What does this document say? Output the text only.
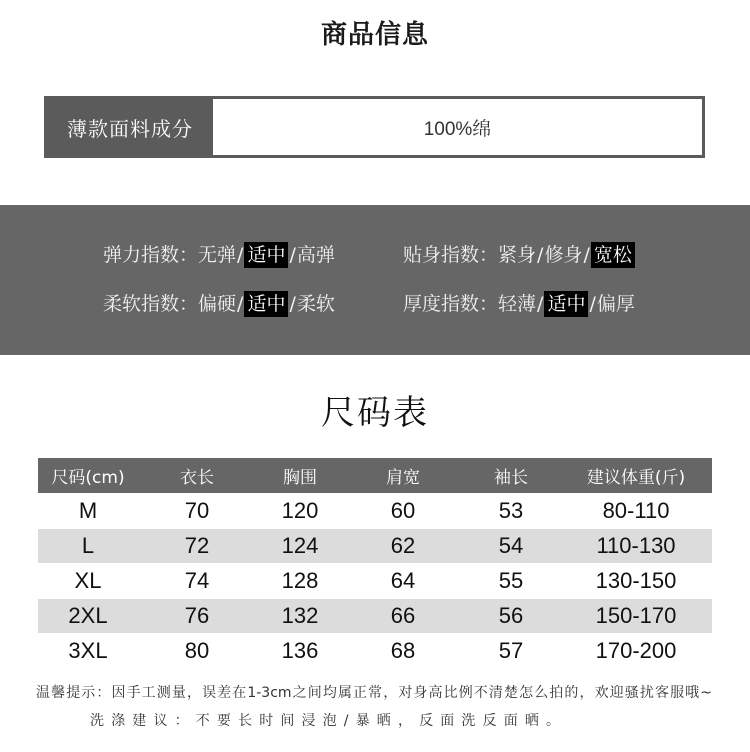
商品信息
薄款面料成分	100%绵
弹力指数： 无弹 / 适中 / 高弹	贴身指数： 紧身 / 修身 / 宽松
柔软指数： 偏硬 / 适中 / 柔软	厚度指数： 轻薄 / 适中 / 偏厚
尺码表
尺码(cm)	衣长	胸围	肩宽	袖长	建议体重(斤)
M	70	120	60	53	80-110
L	72	124	62	54	110-130
XL	74	128	64	55	130-150
2XL	76	132	66	56	150-170
3XL	80	136	68	57	170-200
温馨提示：因手工测量，误差在1-3cm之间均属正常，对身高比例不清楚怎么拍的，欢迎骚扰客服哦~
洗涤建议：不要长时间浸泡/暴晒，反面洗反面晒。
